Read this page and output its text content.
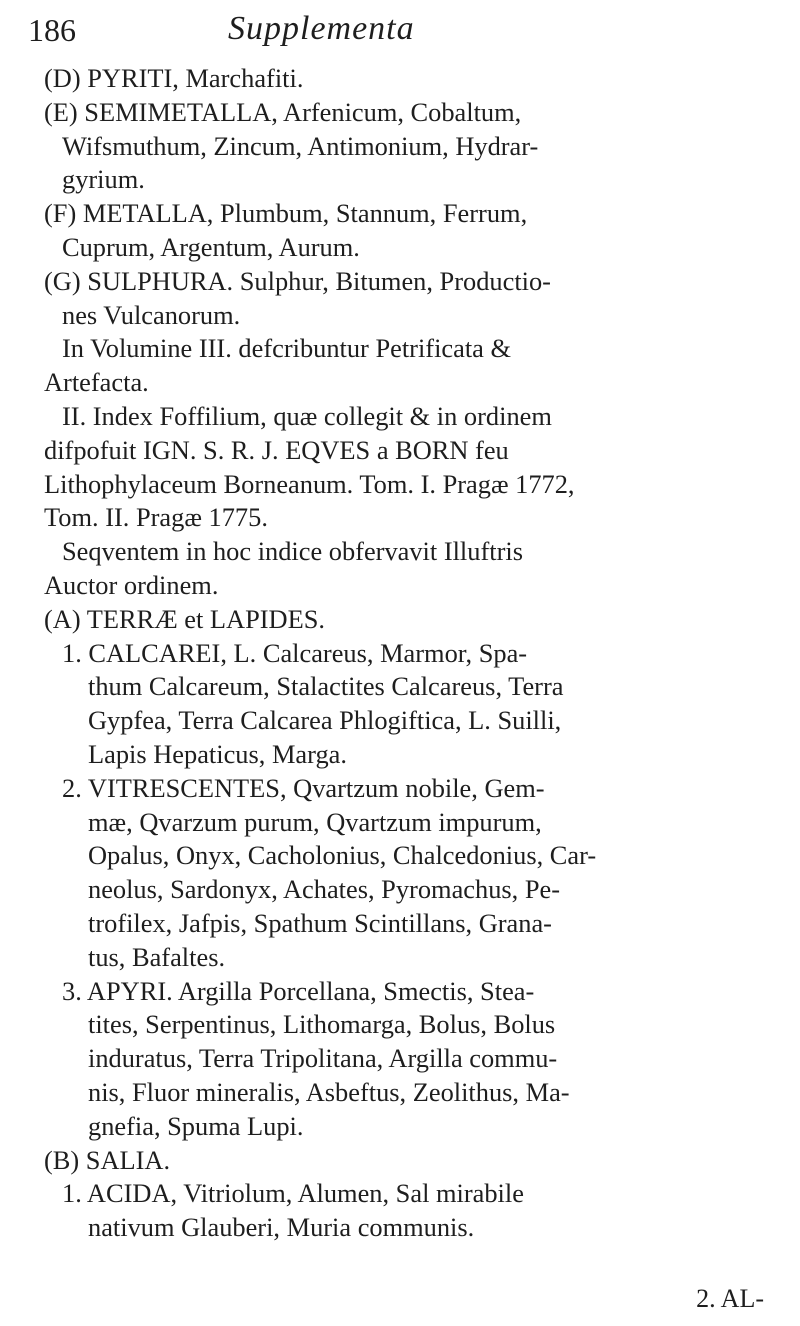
186	Supplementa

(D) PYRITI, Marchafiti.

(E) SEMIMETALLA, Arfenicum, Cobaltum,

Wifsmuthum, Zincum, Antimonium, Hydrar-

gyrium.

(F) METALLA, Plumbum, Stannum, Ferrum,

Cuprum, Argentum, Aurum.

(G) SULPHURA. Sulphur, Bitumen, Productio-

nes Vulcanorum.

In Volumine III. defcribuntur Petrificata &

Artefacta.

II. Index Foffilium, quæ collegit & in ordinem

difpofuit IGN. S. R. J. EQVES a BORN feu

Lithophylaceum Borneanum. Tom. I. Pragæ 1772,

Tom. II. Pragæ 1775.

Seqventem in hoc indice obfervavit Illuftris

Auctor ordinem.

(A) TERRÆ et LAPIDES.

1. CALCAREI, L. Calcareus, Marmor, Spa-

thum Calcareum, Stalactites Calcareus, Terra

Gypfea, Terra Calcarea Phlogiftica, L. Suilli,

Lapis Hepaticus, Marga.

2. VITRESCENTES, Qvartzum nobile, Gem-

mæ, Qvarzum purum, Qvartzum impurum,

Opalus, Onyx, Cacholonius, Chalcedonius, Car-

neolus, Sardonyx, Achates, Pyromachus, Pe-

trofilex, Jafpis, Spathum Scintillans, Grana-

tus, Bafaltes.

3. APYRI. Argilla Porcellana, Smectis, Stea-

tites, Serpentinus, Lithomarga, Bolus, Bolus

induratus, Terra Tripolitana, Argilla commu-

nis, Fluor mineralis, Asbeftus, Zeolithus, Ma-

gnefia, Spuma Lupi.

(B) SALIA.

1. ACIDA, Vitriolum, Alumen, Sal mirabile

nativum Glauberi, Muria communis.

2. AL-
